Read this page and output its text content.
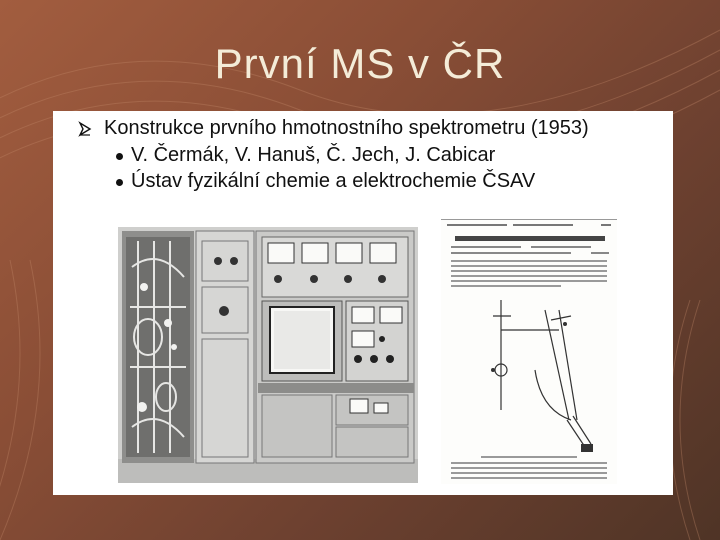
První MS v ČR
Konstrukce prvního hmotnostního spektrometru (1953)
V. Čermák, V. Hanuš, Č. Jech, J. Cabicar
Ústav fyzikální chemie a elektrochemie ČSAV
